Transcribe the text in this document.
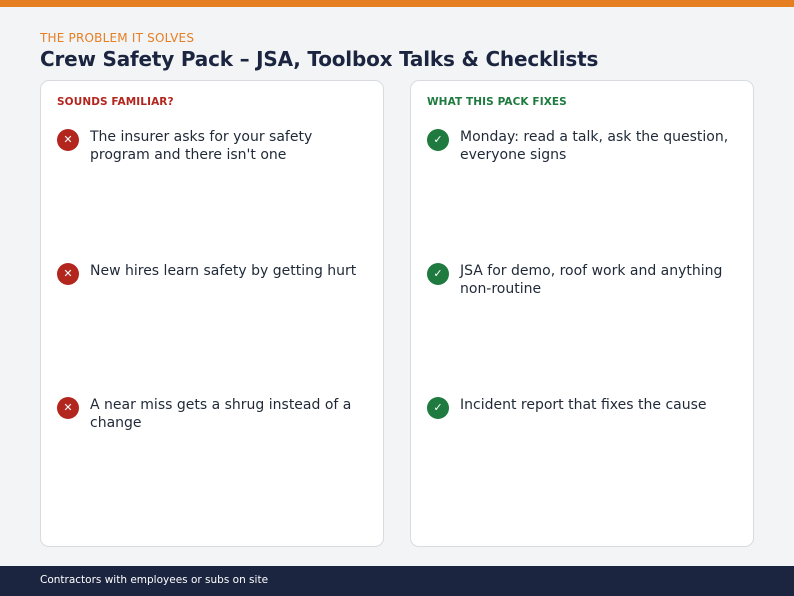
THE PROBLEM IT SOLVES
Crew Safety Pack – JSA, Toolbox Talks & Checklists
SOUNDS FAMILIAR?
✕	The insurer asks for your safety program and there isn't one
✕	New hires learn safety by getting hurt
✕	A near miss gets a shrug instead of a change
WHAT THIS PACK FIXES
✓	Monday: read a talk, ask the question, everyone signs
✓	JSA for demo, roof work and anything non-routine
✓	Incident report that fixes the cause
Contractors with employees or subs on site
